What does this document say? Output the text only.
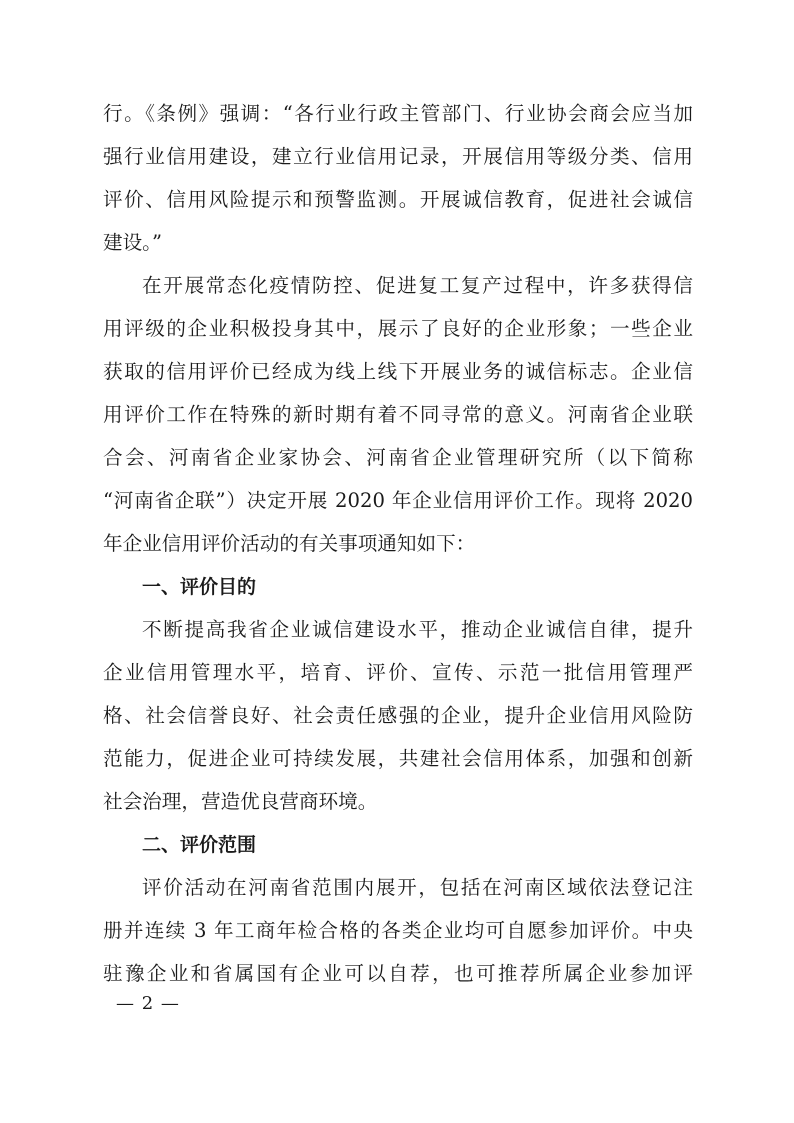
行。《条例》强调：“各行业行政主管部门、行业协会商会应当加
强行业信用建设，建立行业信用记录，开展信用等级分类、信用
评价、信用风险提示和预警监测。开展诚信教育，促进社会诚信
建设。”
在开展常态化疫情防控、促进复工复产过程中，许多获得信
用评级的企业积极投身其中，展示了良好的企业形象；一些企业
获取的信用评价已经成为线上线下开展业务的诚信标志。企业信
用评价工作在特殊的新时期有着不同寻常的意义。河南省企业联
合会、河南省企业家协会、河南省企业管理研究所（以下简称
“河南省企联”）决定开展 2020 年企业信用评价工作。现将 2020
年企业信用评价活动的有关事项通知如下：
一、评价目的
不断提高我省企业诚信建设水平，推动企业诚信自律，提升
企业信用管理水平，培育、评价、宣传、示范一批信用管理严
格、社会信誉良好、社会责任感强的企业，提升企业信用风险防
范能力，促进企业可持续发展，共建社会信用体系，加强和创新
社会治理，营造优良营商环境。
二、评价范围
评价活动在河南省范围内展开，包括在河南区域依法登记注
册并连续 3 年工商年检合格的各类企业均可自愿参加评价。中央
驻豫企业和省属国有企业可以自荐，也可推荐所属企业参加评
— 2 —
